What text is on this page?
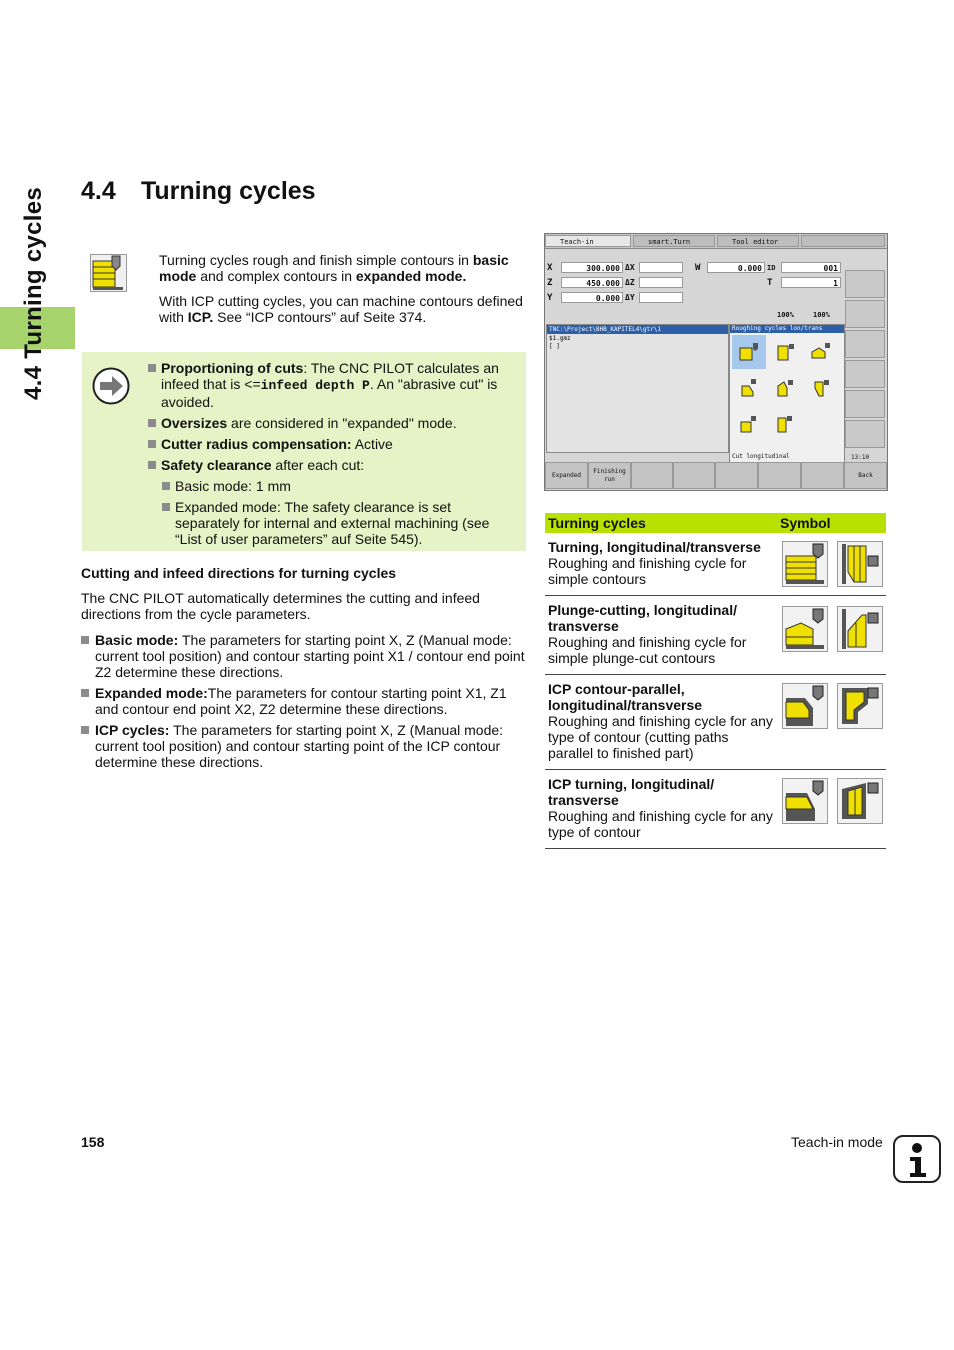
4.4 Turning cycles 4.4 Turning cycles

Turning cycles rough and finish simple contours in basic mode and complex contours in expanded mode.

With ICP cutting cycles, you can machine contours defined with ICP. See “ICP contours” auf Seite 374.

Proportioning of cuts: The CNC PILOT calculates an infeed that is <=infeed depth P. An "abrasive cut" is avoided.
Oversizes are considered in "expanded" mode.
Cutter radius compensation: Active
Safety clearance after each cut:
Basic mode: 1 mm
Expanded mode: The safety clearance is set separately for internal and external machining (see “List of user parameters” auf Seite 545).
Cutting and infeed directions for turning cycles

The CNC PILOT automatically determines the cutting and infeed directions from the cycle parameters.

Basic mode: The parameters for starting point X, Z (Manual mode: current tool position) and contour starting point X1 / contour end point Z2 determine these directions.
Expanded mode:The parameters for contour starting point X1, Z1 and contour end point X2, Z2 determine these directions.
ICP cycles: The parameters for starting point X, Z (Manual mode: current tool position) and contour starting point of the ICP contour determine these directions.
Teach-in	smart.Turn	Tool editor
X	300.000 ΔX
Z	450.000 ΔZ
Y	0.000 ΔY
W	0.000 ID	001
T	1
100%	100%
TNC:\Project\BHB_KAPITEL4\gtr\1
$1.gmz
[ ]
Roughing cycles lon/trans
Cut longitudinal	13:10
Expanded
Finishing run
Back
Turning cycles	Symbol
Turning, longitudinal/transverse
Roughing and finishing cycle for simple contours
Plunge-cutting, longitudinal/ transverse
Roughing and finishing cycle for simple plunge-cut contours
ICP contour-parallel, longitudinal/transverse
Roughing and finishing cycle for any type of contour (cutting paths parallel to finished part)
ICP turning, longitudinal/ transverse
Roughing and finishing cycle for any type of contour
158	Teach-in mode
